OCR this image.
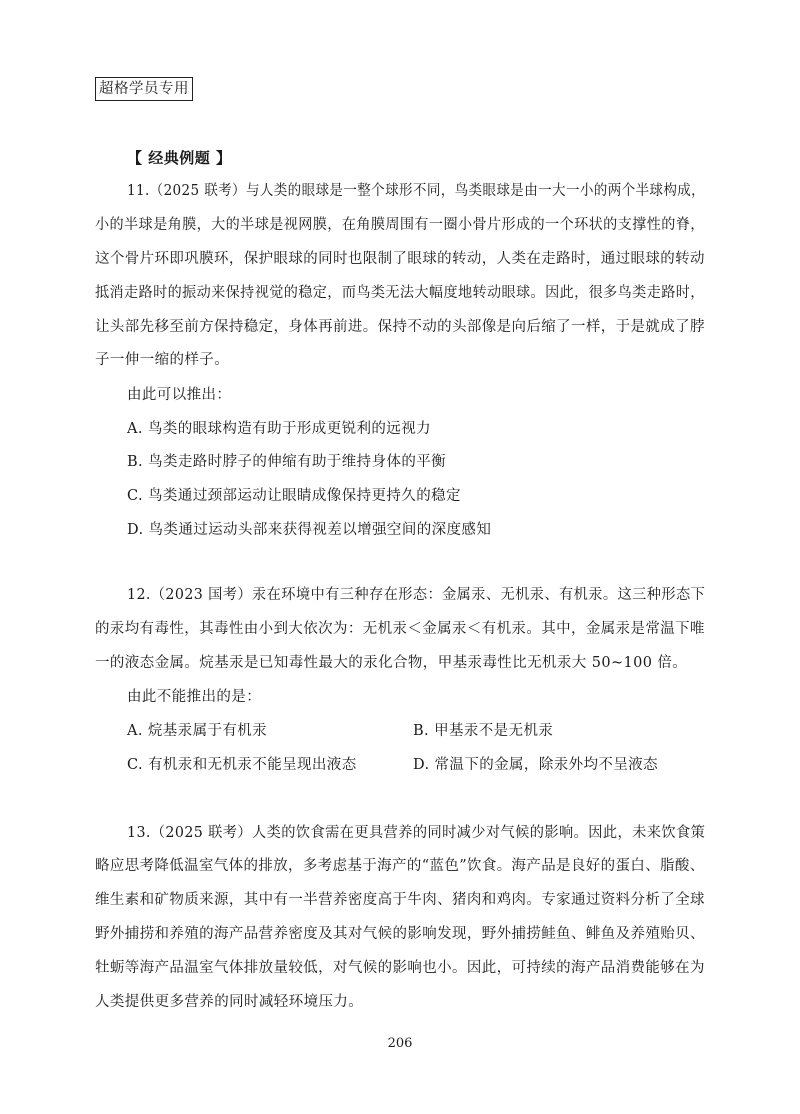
超格学员专用
【 经典例题 】
11.（2025 联考）与人类的眼球是一整个球形不同，鸟类眼球是由一大一小的两个半球构成，
小的半球是角膜，大的半球是视网膜，在角膜周围有一圈小骨片形成的一个环状的支撑性的脊，
这个骨片环即巩膜环，保护眼球的同时也限制了眼球的转动，人类在走路时，通过眼球的转动
抵消走路时的振动来保持视觉的稳定，而鸟类无法大幅度地转动眼球。因此，很多鸟类走路时，
让头部先移至前方保持稳定，身体再前进。保持不动的头部像是向后缩了一样，于是就成了脖
子一伸一缩的样子。
由此可以推出：
A. 鸟类的眼球构造有助于形成更锐利的远视力
B. 鸟类走路时脖子的伸缩有助于维持身体的平衡
C. 鸟类通过颈部运动让眼睛成像保持更持久的稳定
D. 鸟类通过运动头部来获得视差以增强空间的深度感知
12.（2023 国考）汞在环境中有三种存在形态：金属汞、无机汞、有机汞。这三种形态下
的汞均有毒性，其毒性由小到大依次为：无机汞＜金属汞＜有机汞。其中，金属汞是常温下唯
一的液态金属。烷基汞是已知毒性最大的汞化合物，甲基汞毒性比无机汞大 50~100 倍。
由此不能推出的是：
A. 烷基汞属于有机汞	B. 甲基汞不是无机汞
C. 有机汞和无机汞不能呈现出液态	D. 常温下的金属，除汞外均不呈液态
13.（2025 联考）人类的饮食需在更具营养的同时减少对气候的影响。因此，未来饮食策
略应思考降低温室气体的排放，多考虑基于海产的“蓝色”饮食。海产品是良好的蛋白、脂酸、
维生素和矿物质来源，其中有一半营养密度高于牛肉、猪肉和鸡肉。专家通过资料分析了全球
野外捕捞和养殖的海产品营养密度及其对气候的影响发现，野外捕捞鲑鱼、鲱鱼及养殖贻贝、
牡蛎等海产品温室气体排放量较低，对气候的影响也小。因此，可持续的海产品消费能够在为
人类提供更多营养的同时减轻环境压力。
206
